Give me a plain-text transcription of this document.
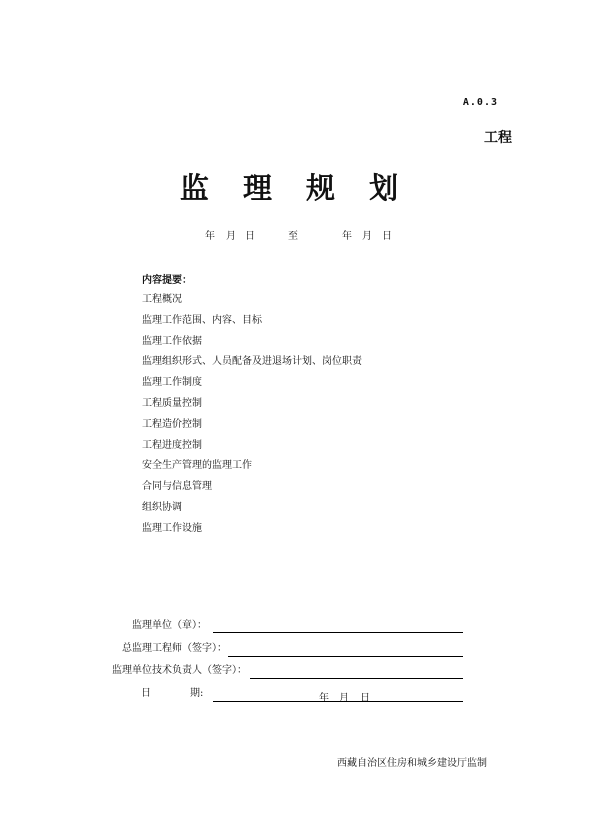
A.0.3
工程
监 理 规 划
年 月 日	至	年 月 日
内容提要：
工程概况
监理工作范围、内容、目标
监理工作依据
监理组织形式、人员配备及进退场计划、岗位职责
监理工作制度
工程质量控制
工程造价控制
工程进度控制
安全生产管理的监理工作
合同与信息管理
组织协调
监理工作设施
监理单位（章）：
总监理工程师（签字）：
监理单位技术负责人（签字）：
日	期:	年 月 日
西藏自治区住房和城乡建设厅监制
